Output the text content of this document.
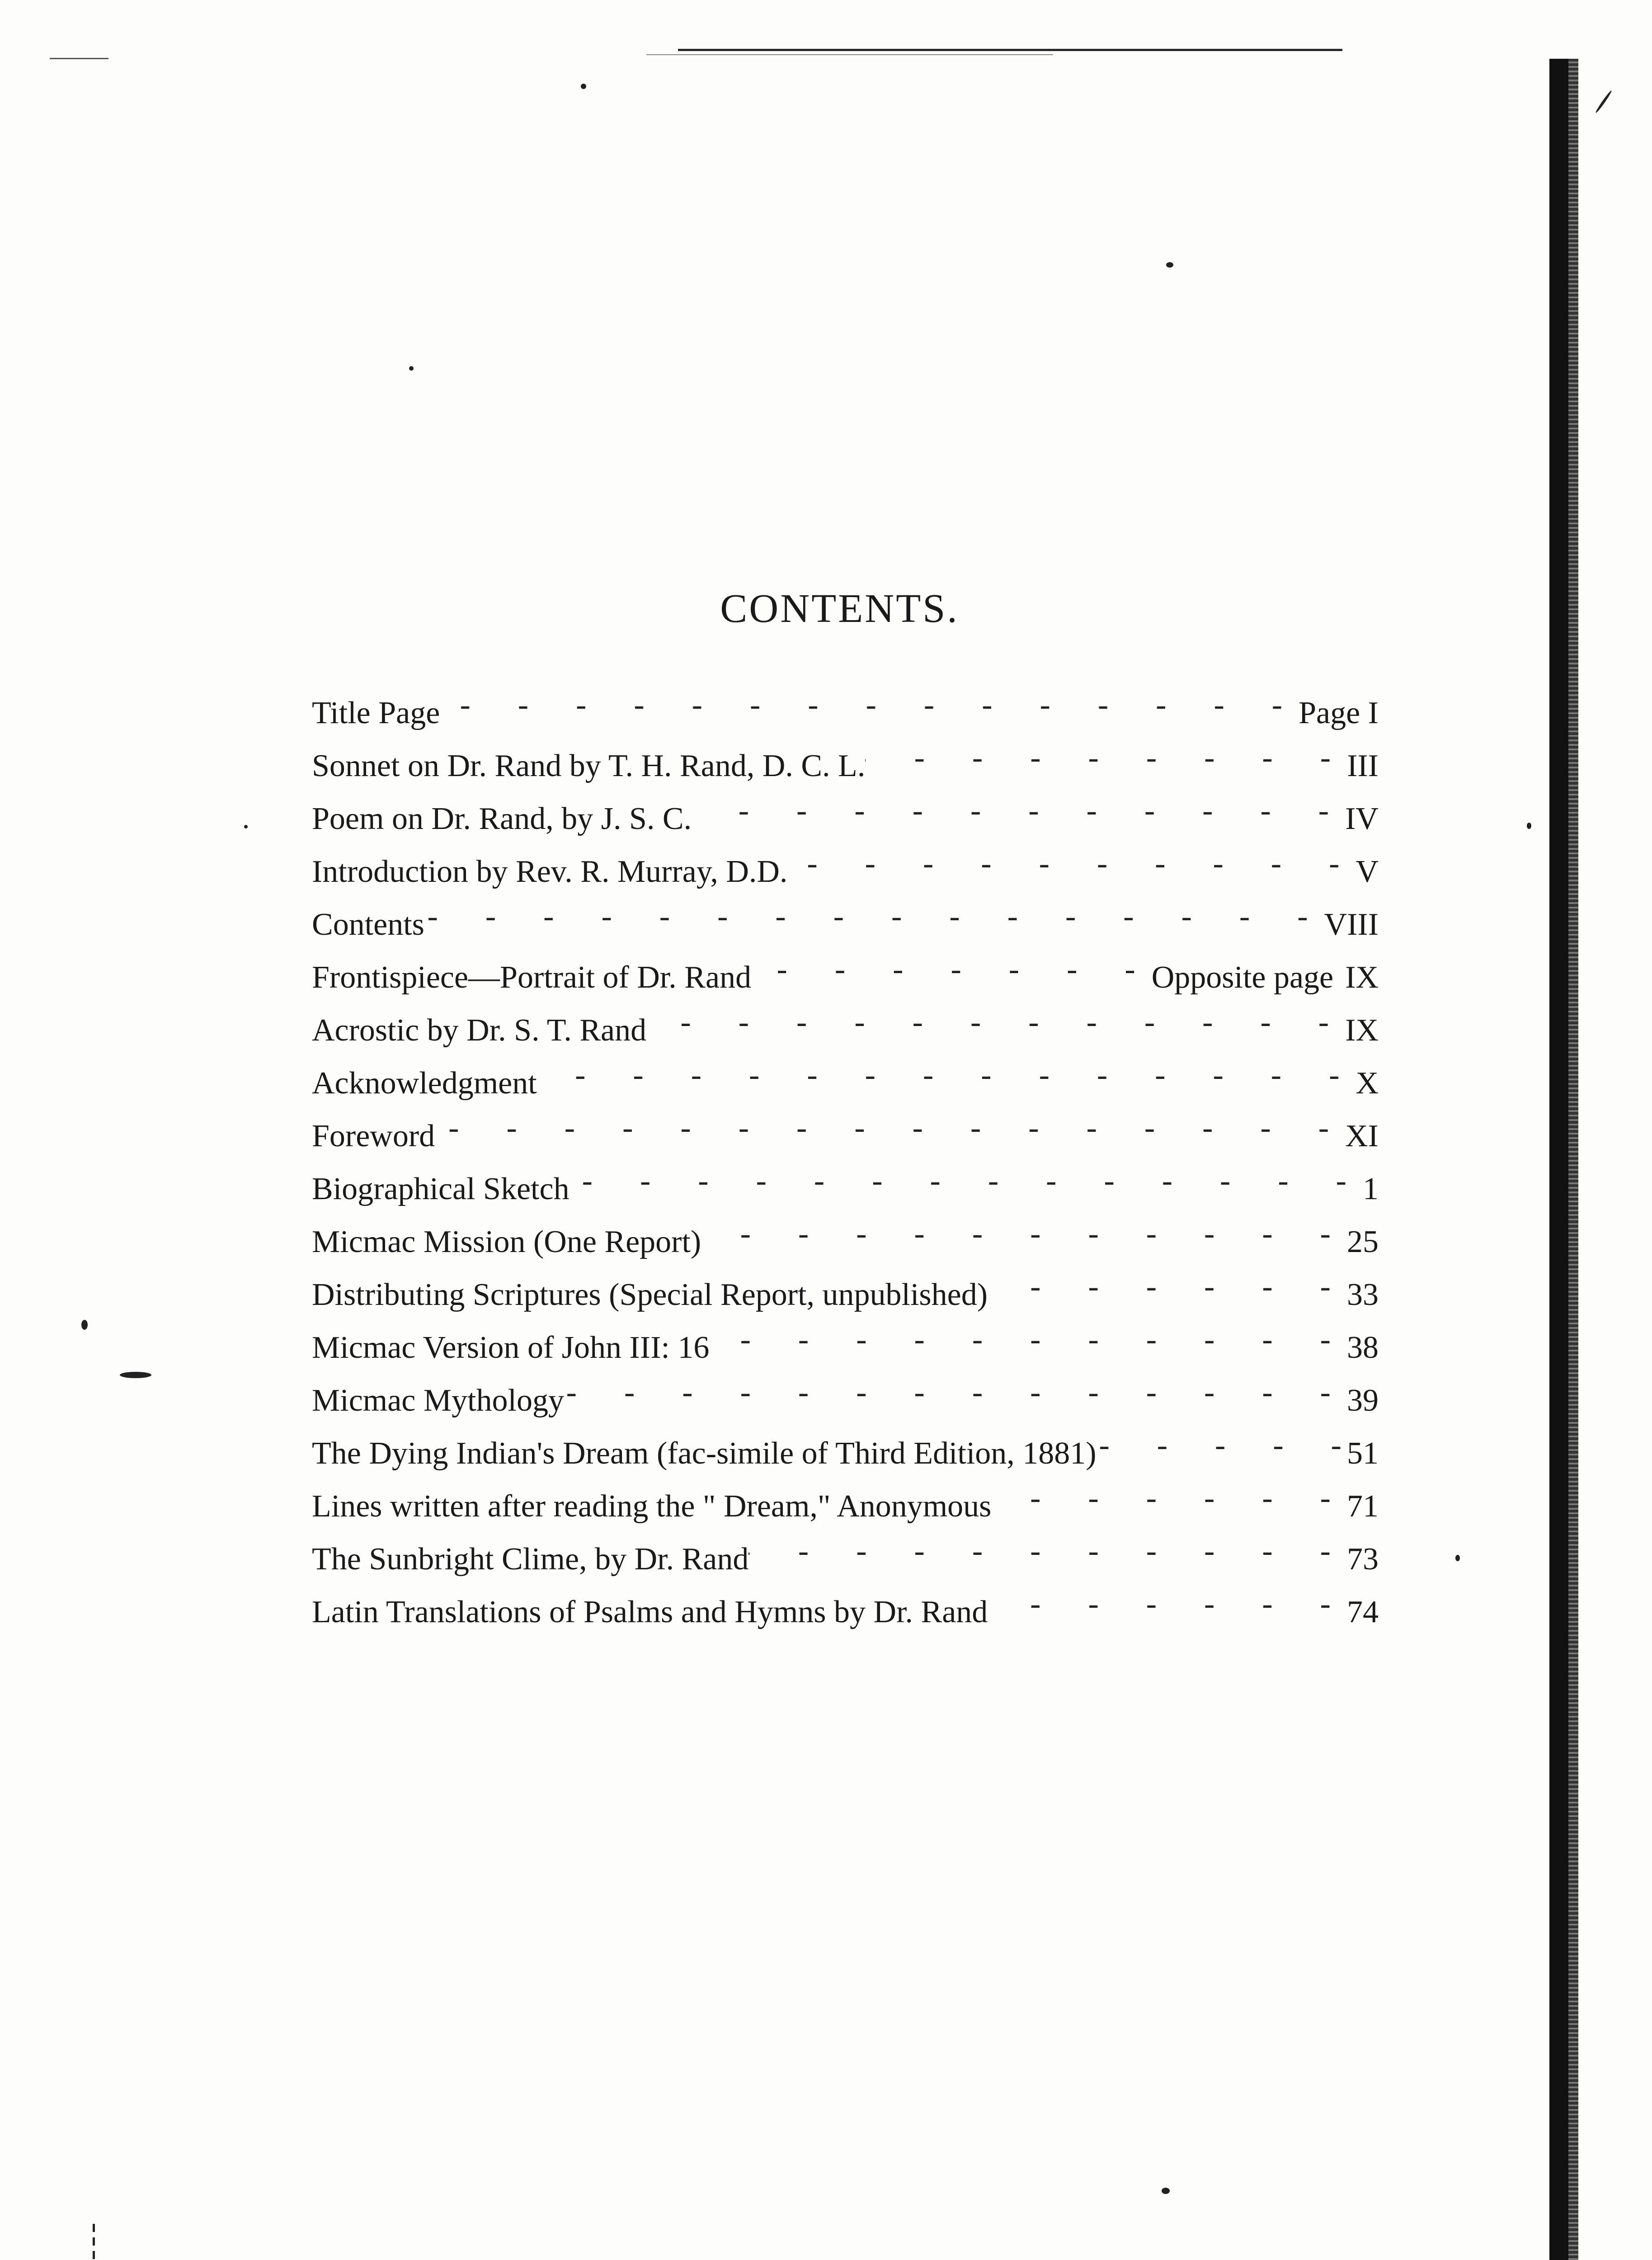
CONTENTS.
Title Page -	Page I
Sonnet on Dr. Rand by T. H. Rand, D. C. L. -	III
Poem on Dr. Rand, by J. S. C. -	IV
Introduction by Rev. R. Murray, D.D. -	V
Contents -	VIII
Frontispiece—Portrait of Dr. Rand -	Opposite page IX
Acrostic by Dr. S. T. Rand -	IX
Acknowledgment -	X
Foreword -	XI
Biographical Sketch -	1
Micmac Mission (One Report) -	25
Distributing Scriptures (Special Report, unpublished) -	33
Micmac Version of John III: 16 -	38
Micmac Mythology -	39
The Dying Indian's Dream (fac-simile of Third Edition, 1881) -	51
Lines written after reading the " Dream," Anonymous -	71
The Sunbright Clime, by Dr. Rand -	73
Latin Translations of Psalms and Hymns by Dr. Rand -	74
